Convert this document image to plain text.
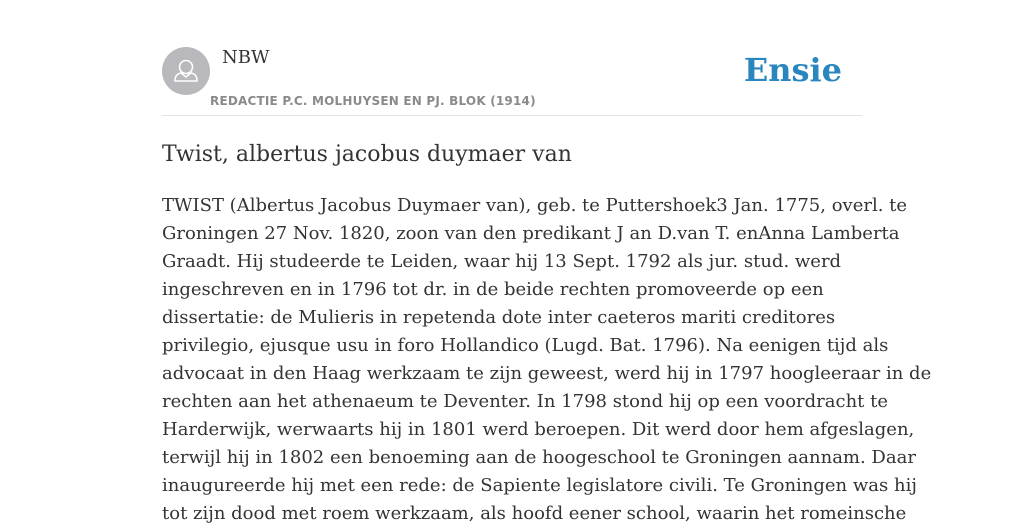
NBW
REDACTIE P.C. MOLHUYSEN EN PJ. BLOK (1914)
Ensie
Twist, albertus jacobus duymaer van
TWIST (Albertus Jacobus Duymaer van), geb. te Puttershoek3 Jan. 1775, overl. te
Groningen 27 Nov. 1820, zoon van den predikant J an D.van T. enAnna Lamberta
Graadt. Hij studeerde te Leiden, waar hij 13 Sept. 1792 als jur. stud. werd
ingeschreven en in 1796 tot dr. in de beide rechten promoveerde op een
dissertatie: de Mulieris in repetenda dote inter caeteros mariti creditores
privilegio, ejusque usu in foro Hollandico (Lugd. Bat. 1796). Na eenigen tijd als
advocaat in den Haag werkzaam te zijn geweest, werd hij in 1797 hoogleeraar in de
rechten aan het athenaeum te Deventer. In 1798 stond hij op een voordracht te
Harderwijk, werwaarts hij in 1801 werd beroepen. Dit werd door hem afgeslagen,
terwijl hij in 1802 een benoeming aan de hoogeschool te Groningen aannam. Daar
inaugureerde hij met een rede: de Sapiente legislatore civili. Te Groningen was hij
tot zijn dood met roem werkzaam, als hoofd eener school, waarin het romeinsche
